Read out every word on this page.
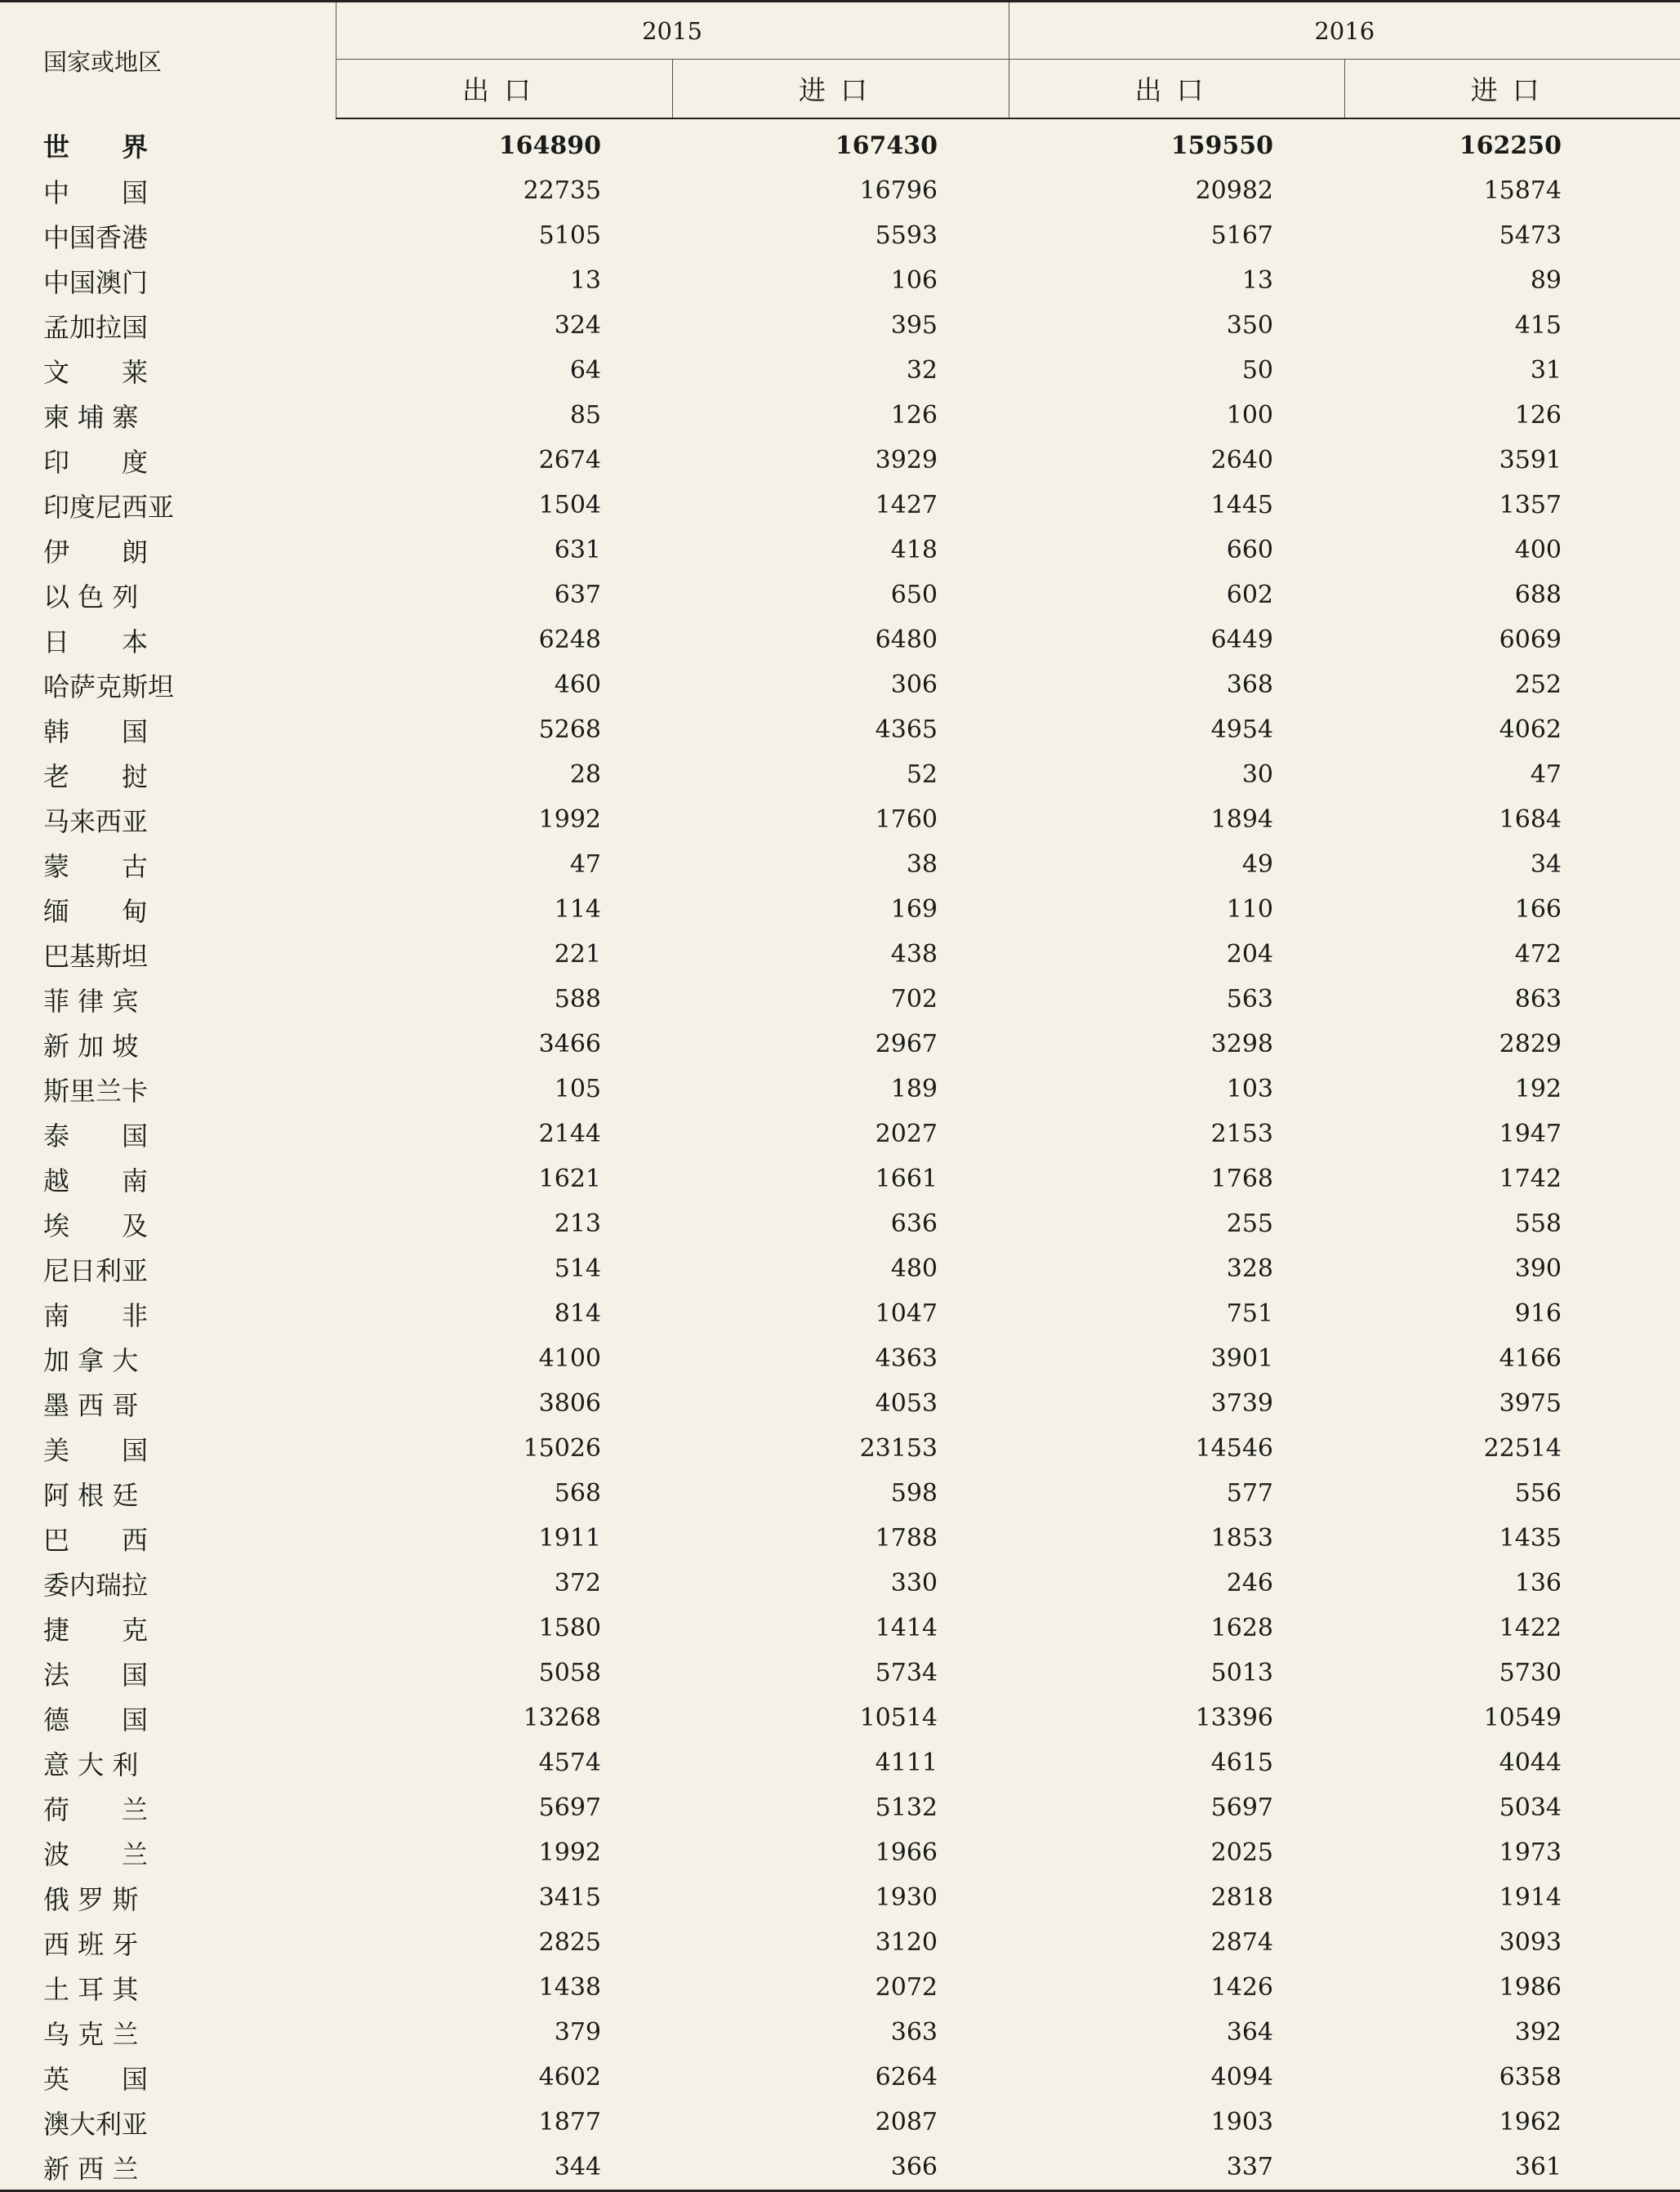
国家或地区	2015		2016	
	出口	进口	出口	进口
世　　界	164890	167430	159550	162250
中　　国	22735	16796	20982	15874
中国香港	5105	5593	5167	5473
中国澳门	13	106	13	89
孟加拉国	324	395	350	415
文　　莱	64	32	50	31
柬 埔 寨	85	126	100	126
印　　度	2674	3929	2640	3591
印度尼西亚	1504	1427	1445	1357
伊　　朗	631	418	660	400
以 色 列	637	650	602	688
日　　本	6248	6480	6449	6069
哈萨克斯坦	460	306	368	252
韩　　国	5268	4365	4954	4062
老　　挝	28	52	30	47
马来西亚	1992	1760	1894	1684
蒙　　古	47	38	49	34
缅　　甸	114	169	110	166
巴基斯坦	221	438	204	472
菲 律 宾	588	702	563	863
新 加 坡	3466	2967	3298	2829
斯里兰卡	105	189	103	192
泰　　国	2144	2027	2153	1947
越　　南	1621	1661	1768	1742
埃　　及	213	636	255	558
尼日利亚	514	480	328	390
南　　非	814	1047	751	916
加 拿 大	4100	4363	3901	4166
墨 西 哥	3806	4053	3739	3975
美　　国	15026	23153	14546	22514
阿 根 廷	568	598	577	556
巴　　西	1911	1788	1853	1435
委内瑞拉	372	330	246	136
捷　　克	1580	1414	1628	1422
法　　国	5058	5734	5013	5730
德　　国	13268	10514	13396	10549
意 大 利	4574	4111	4615	4044
荷　　兰	5697	5132	5697	5034
波　　兰	1992	1966	2025	1973
俄 罗 斯	3415	1930	2818	1914
西 班 牙	2825	3120	2874	3093
土 耳 其	1438	2072	1426	1986
乌 克 兰	379	363	364	392
英　　国	4602	6264	4094	6358
澳大利亚	1877	2087	1903	1962
新 西 兰	344	366	337	361
